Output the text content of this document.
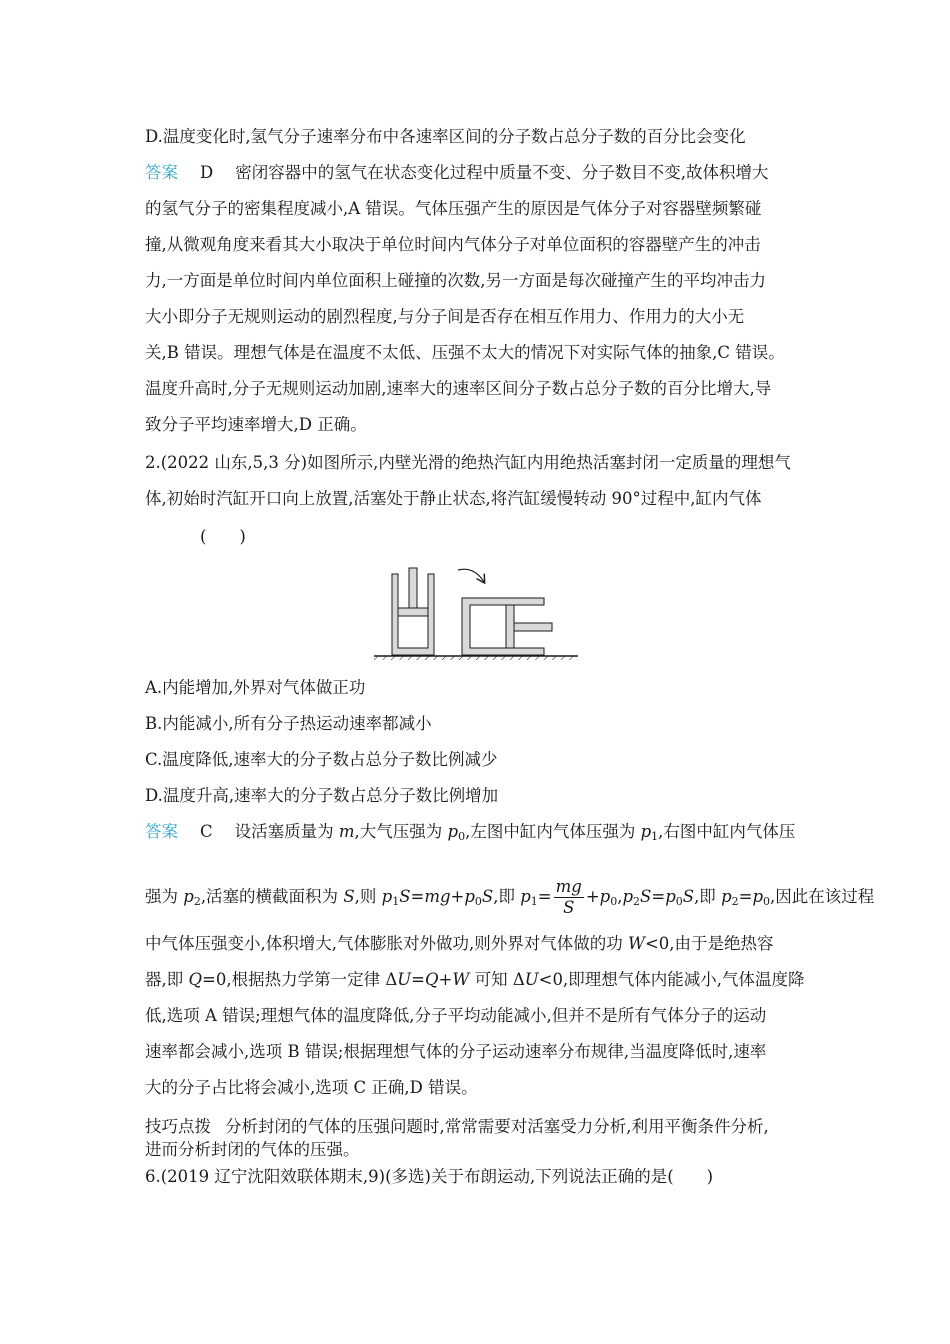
D.温度变化时,氢气分子速率分布中各速率区间的分子数占总分子数的百分比会变化
答案 D 密闭容器中的氢气在状态变化过程中质量不变、分子数目不变,故体积增大
的氢气分子的密集程度减小,A 错误。气体压强产生的原因是气体分子对容器壁频繁碰
撞,从微观角度来看其大小取决于单位时间内气体分子对单位面积的容器壁产生的冲击
力,一方面是单位时间内单位面积上碰撞的次数,另一方面是每次碰撞产生的平均冲击力
大小即分子无规则运动的剧烈程度,与分子间是否存在相互作用力、作用力的大小无
关,B 错误。理想气体是在温度不太低、压强不太大的情况下对实际气体的抽象,C 错误。
温度升高时,分子无规则运动加剧,速率大的速率区间分子数占总分子数的百分比增大,导
致分子平均速率增大,D 正确。
2.(2022 山东,5,3 分)如图所示,内壁光滑的绝热汽缸内用绝热活塞封闭一定质量的理想气
体,初始时汽缸开口向上放置,活塞处于静止状态,将汽缸缓慢转动 90°过程中,缸内气体
(　　)
A.内能增加,外界对气体做正功
B.内能减小,所有分子热运动速率都减小
C.温度降低,速率大的分子数占总分子数比例减少
D.温度升高,速率大的分子数占总分子数比例增加
答案 C 设活塞质量为 m,大气压强为 $p_0$,左图中缸内气体压强为 $p_1$,右图中缸内气体压
强为 $p_2$,活塞的横截面积为 S,则 $p_1S=mg+p_0S$,即 $p_1= \frac{mg}{S} +p_0,p_2S=p_0S$,即 $p_2=p_0$,因此在该过程
中气体压强变小,体积增大,气体膨胀对外做功,则外界对气体做的功 W<0,由于是绝热容
器,即 Q=0,根据热力学第一定律 ΔU=Q+W 可知 ΔU<0,即理想气体内能减小,气体温度降
低,选项 A 错误;理想气体的温度降低,分子平均动能减小,但并不是所有气体分子的运动
速率都会减小,选项 B 错误;根据理想气体的分子运动速率分布规律,当温度降低时,速率
大的分子占比将会减小,选项 C 正确,D 错误。
技巧点拨 分析封闭的气体的压强问题时,常常需要对活塞受力分析,利用平衡条件分析,
进而分析封闭的气体的压强。
6.(2019 辽宁沈阳效联体期末,9)(多选)关于布朗运动,下列说法正确的是(　　)
